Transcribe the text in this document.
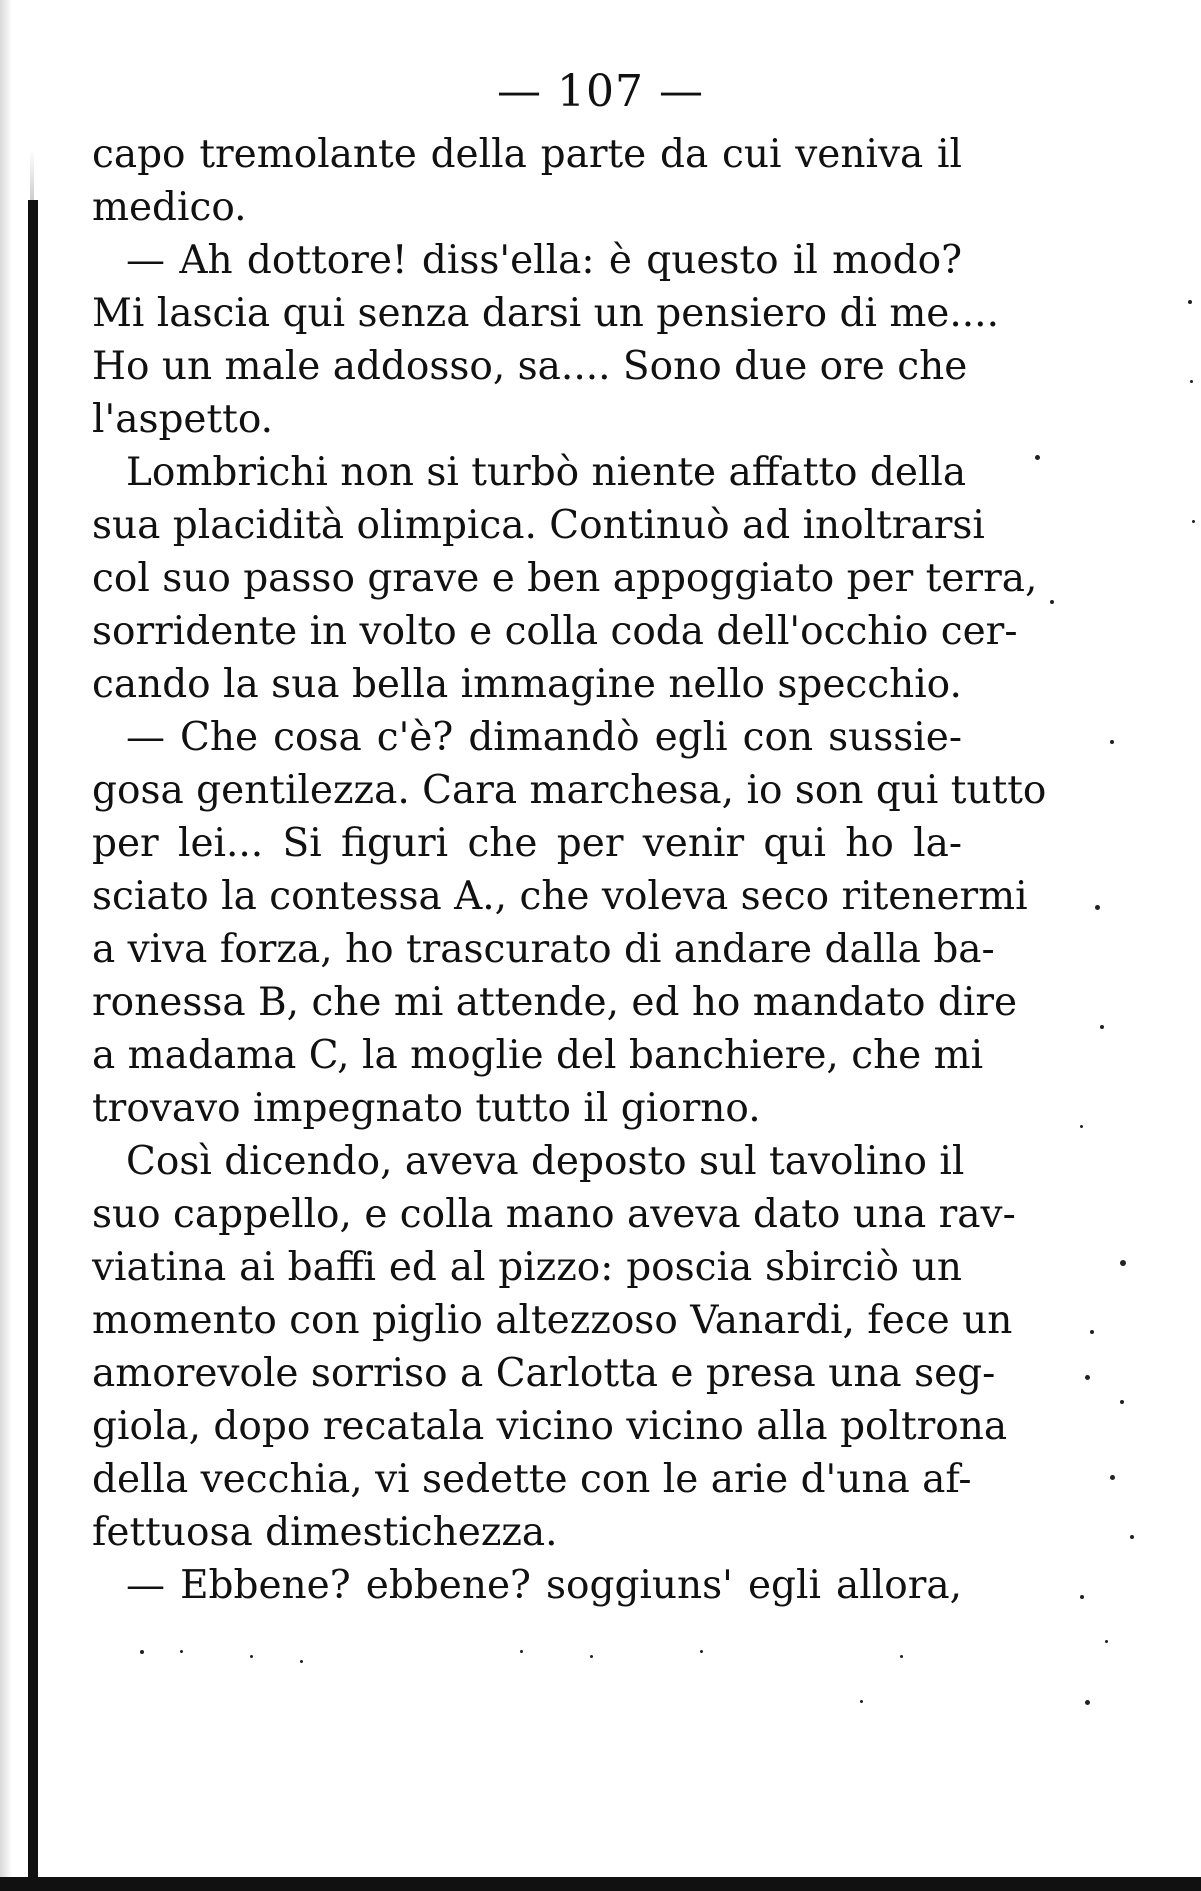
— 107 —
capo tremolante della parte da cui veniva il
medico.
— Ah dottore! diss'ella: è questo il modo?
Mi lascia qui senza darsi un pensiero di me....
Ho un male addosso, sa.... Sono due ore che
l'aspetto.
Lombrichi non si turbò niente affatto della
sua placidità olimpica. Continuò ad inoltrarsi
col suo passo grave e ben appoggiato per terra,
sorridente in volto e colla coda dell'occhio cer-
cando la sua bella immagine nello specchio.
— Che cosa c'è? dimandò egli con sussie-
gosa gentilezza. Cara marchesa, io son qui tutto
per lei... Si figuri che per venir qui ho la-
sciato la contessa A., che voleva seco ritenermi
a viva forza, ho trascurato di andare dalla ba-
ronessa B, che mi attende, ed ho mandato dire
a madama C, la moglie del banchiere, che mi
trovavo impegnato tutto il giorno.
Così dicendo, aveva deposto sul tavolino il
suo cappello, e colla mano aveva dato una rav-
viatina ai baffi ed al pizzo: poscia sbirciò un
momento con piglio altezzoso Vanardi, fece un
amorevole sorriso a Carlotta e presa una seg-
giola, dopo recatala vicino vicino alla poltrona
della vecchia, vi sedette con le arie d'una af-
fettuosa dimestichezza.
— Ebbene? ebbene? soggiuns' egli allora,
